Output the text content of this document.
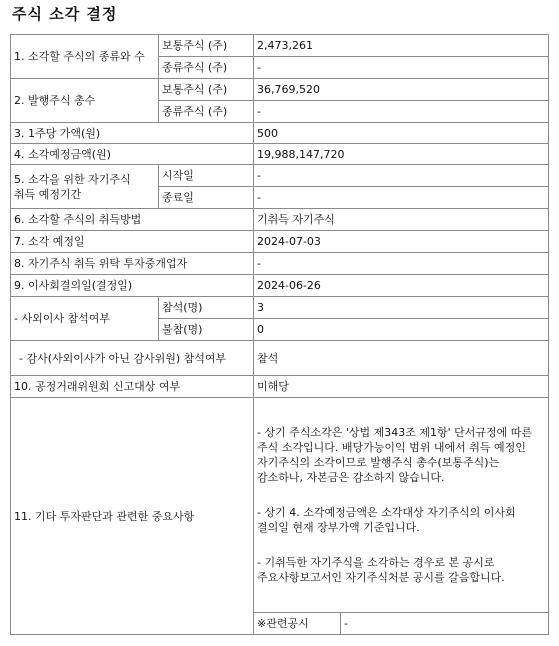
주식 소각 결정
1. 소각할 주식의 종류와 수	보통주식 (주)	2,473,261	
	종류주식 (주)	-	
2. 발행주식 총수	보통주식 (주)	36,769,520	
	종류주식 (주)	-	
3. 1주당 가액(원)		500	
4. 소각예정금액(원)		19,988,147,720	
5. 소각을 위한 자기주식 취득 예정기간	시작일	-	
	종료일	-	
6. 소각할 주식의 취득방법		기취득 자기주식	
7. 소각 예정일		2024-07-03	
8. 자기주식 취득 위탁 투자중개업자		-	
9. 이사회결의일(결정일)		2024-06-26	
- 사외이사 참석여부	참석(명)	3	
	불참(명)	0	
- 감사(사외이사가 아닌 감사위원) 참석여부		참석	
10. 공정거래위원회 신고대상 여부		미해당	
11. 기타 투자판단과 관련한 중요사항		- 상기 주식소각은 '상법 제343조 제1항' 단서규정에 따른 주식 소각입니다. 배당가능이익 범위 내에서 취득 예정인 자기주식의 소각이므로 발행주식 총수(보통주식)는 감소하나, 자본금은 감소하지 않습니다.
- 상기 4. 소각예정금액은 소각대상 자기주식의 이사회 결의일 현재 장부가액 기준입니다.
- 기취득한 자기주식을 소각하는 경우로 본 공시로 주요사항보고서인 자기주식처분 공시를 갈음합니다.	

		※관련공시	-
